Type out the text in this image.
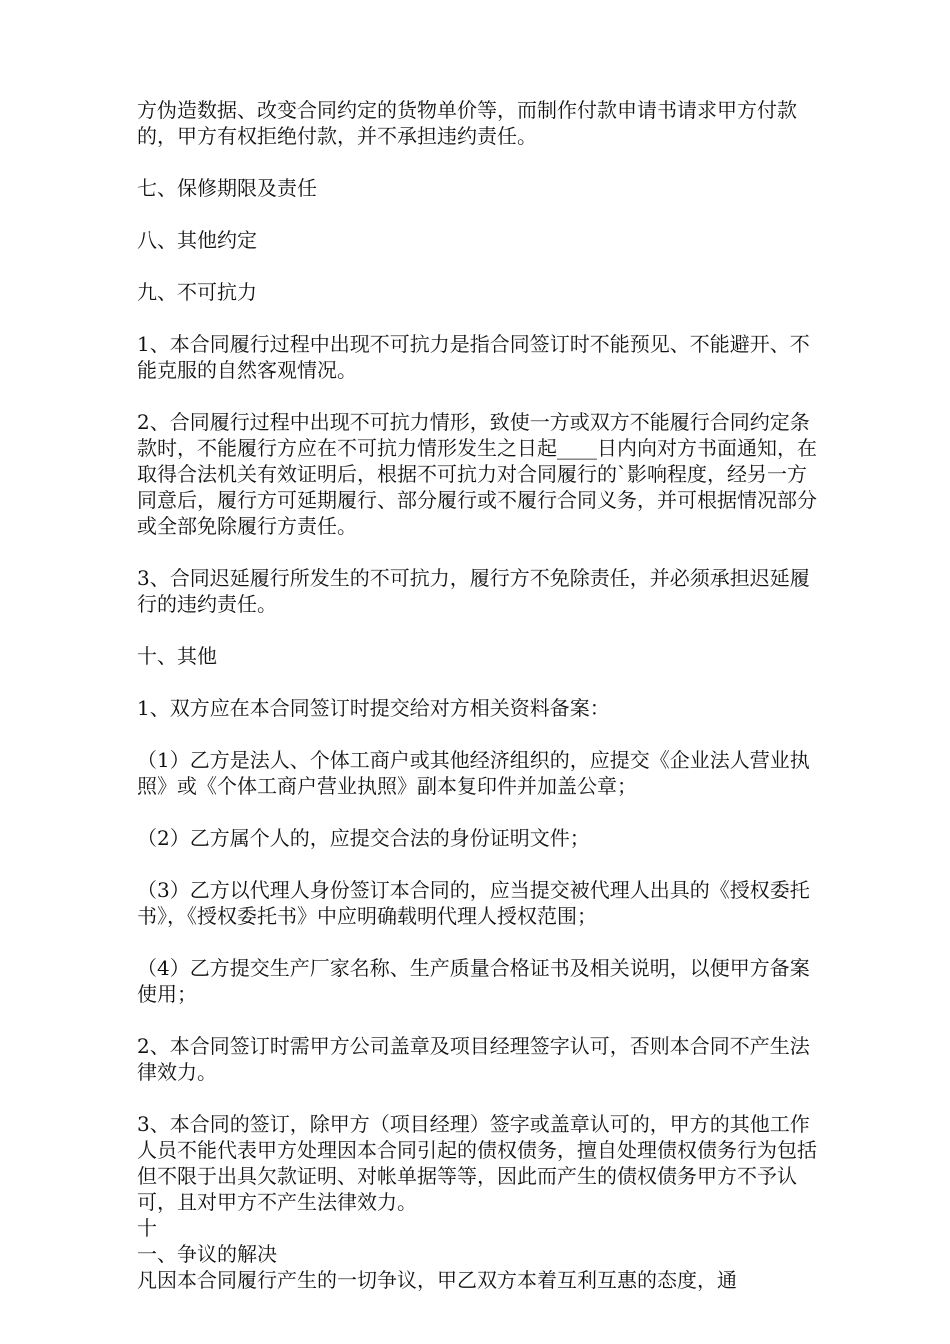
方伪造数据、改变合同约定的货物单价等，而制作付款申请书请求甲方付款的，甲方有权拒绝付款，并不承担违约责任。

七、保修期限及责任

八、其他约定

九、不可抗力

1、本合同履行过程中出现不可抗力是指合同签订时不能预见、不能避开、不能克服的自然客观情况。

2、合同履行过程中出现不可抗力情形，致使一方或双方不能履行合同约定条款时，不能履行方应在不可抗力情形发生之日起____日内向对方书面通知，在取得合法机关有效证明后，根据不可抗力对合同履行的`影响程度，经另一方同意后，履行方可延期履行、部分履行或不履行合同义务，并可根据情况部分或全部免除履行方责任。

3、合同迟延履行所发生的不可抗力，履行方不免除责任，并必须承担迟延履行的违约责任。

十、其他

1、双方应在本合同签订时提交给对方相关资料备案：

（1）乙方是法人、个体工商户或其他经济组织的，应提交《企业法人营业执照》或《个体工商户营业执照》副本复印件并加盖公章；

（2）乙方属个人的，应提交合法的身份证明文件；

（3）乙方以代理人身份签订本合同的，应当提交被代理人出具的《授权委托书》，《授权委托书》中应明确载明代理人授权范围；

（4）乙方提交生产厂家名称、生产质量合格证书及相关说明，以便甲方备案使用；

2、本合同签订时需甲方公司盖章及项目经理签字认可，否则本合同不产生法律效力。

3、本合同的签订，除甲方（项目经理）签字或盖章认可的，甲方的其他工作人员不能代表甲方处理因本合同引起的债权债务，擅自处理债权债务行为包括但不限于出具欠款证明、对帐单据等等，因此而产生的债权债务甲方不予认可，且对甲方不产生法律效力。

十

一、争议的解决

凡因本合同履行产生的一切争议，甲乙双方本着互利互惠的态度，通
